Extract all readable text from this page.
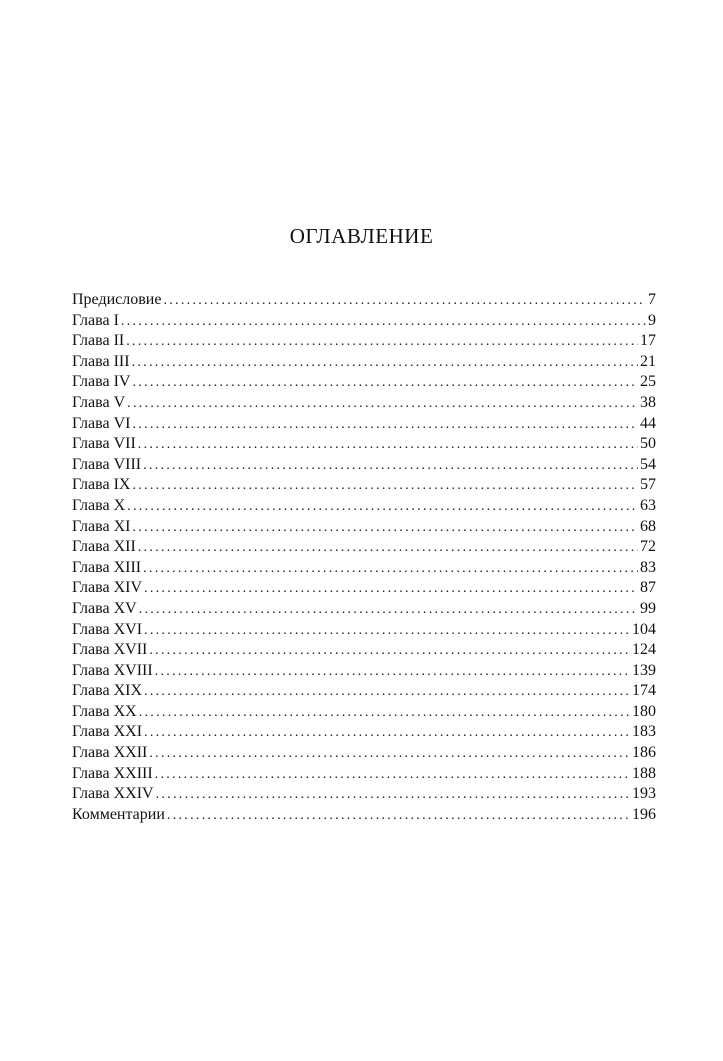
ОГЛАВЛЕНИЕ
Предисловие . . .	7
Глава I . . .	9
Глава II . . .	17
Глава III . . .	21
Глава IV . . .	25
Глава V . . .	38
Глава VI . . .	44
Глава VII . . .	50
Глава VIII . . .	54
Глава IX . . .	57
Глава X . . .	63
Глава XI . . .	68
Глава XII . . .	72
Глава XIII . . .	83
Глава XIV . . .	87
Глава XV . . .	99
Глава XVI . . .	104
Глава XVII . . .	124
Глава XVIII . . .	139
Глава XIX . . .	174
Глава XX . . .	180
Глава XXI . . .	183
Глава XXII . . .	186
Глава XXIII . . .	188
Глава XXIV . . .	193
Комментарии . . .	196
